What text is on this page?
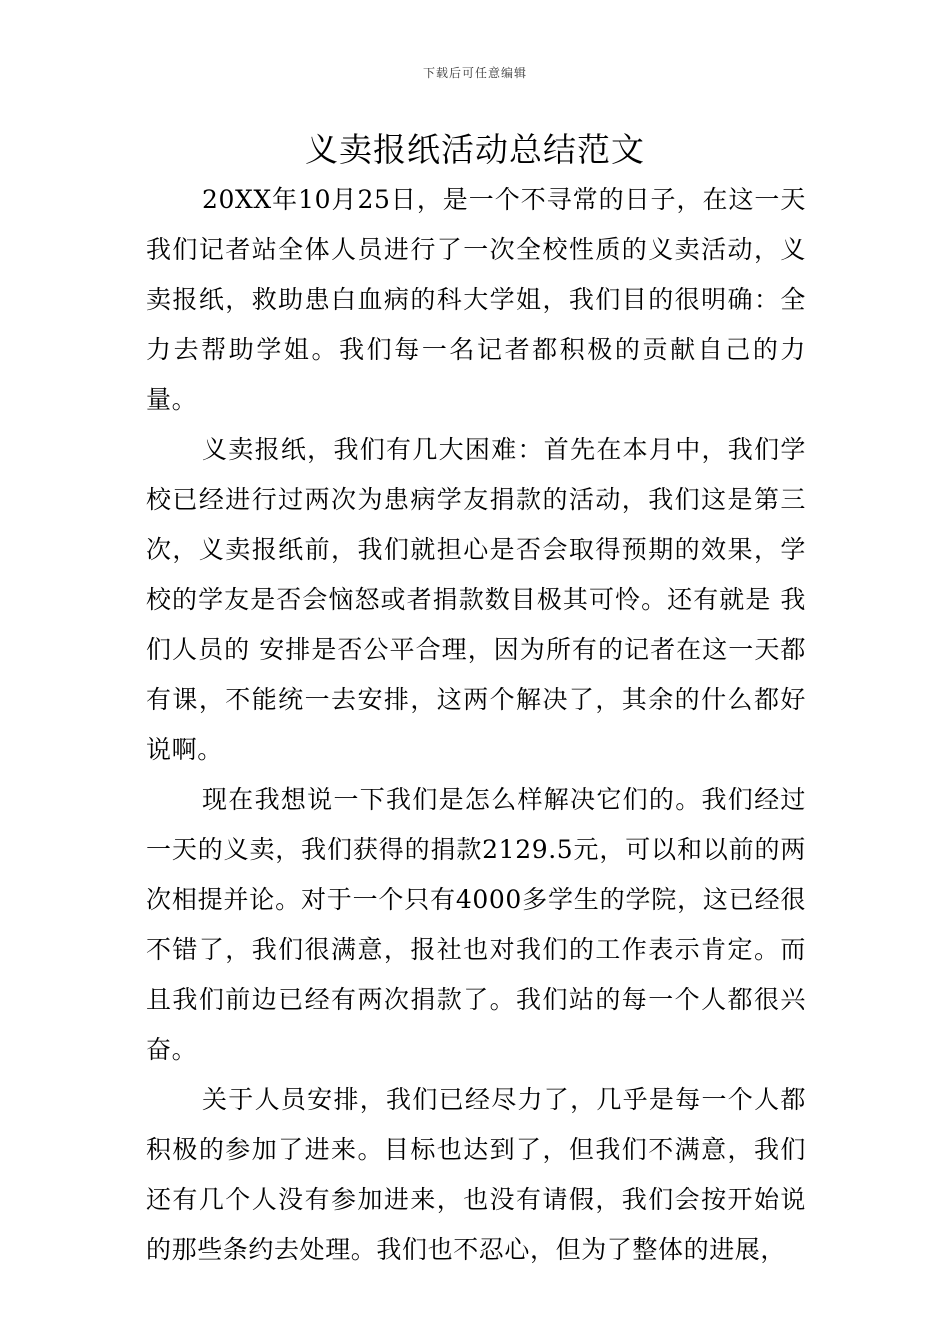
下载后可任意编辑
义卖报纸活动总结范文

20XX年10月25日，是一个不寻常的日子，在这一天我们记者站全体人员进行了一次全校性质的义卖活动，义卖报纸，救助患白血病的科大学姐，我们目的很明确：全力去帮助学姐。我们每一名记者都积极的贡献自己的力量。

义卖报纸，我们有几大困难：首先在本月中，我们学校已经进行过两次为患病学友捐款的活动，我们这是第三次，义卖报纸前，我们就担心是否会取得预期的效果，学校的学友是否会恼怒或者捐款数目极其可怜。还有就是 我们人员的 安排是否公平合理，因为所有的记者在这一天都有课，不能统一去安排，这两个解决了，其余的什么都好说啊。

现在我想说一下我们是怎么样解决它们的。我们经过一天的义卖，我们获得的捐款2129.5元，可以和以前的两次相提并论。对于一个只有4000多学生的学院，这已经很不错了，我们很满意，报社也对我们的工作表示肯定。而且我们前边已经有两次捐款了。我们站的每一个人都很兴奋。

关于人员安排，我们已经尽力了，几乎是每一个人都积极的参加了进来。目标也达到了，但我们不满意，我们还有几个人没有参加进来，也没有请假，我们会按开始说的那些条约去处理。我们也不忍心，但为了整体的进展，
